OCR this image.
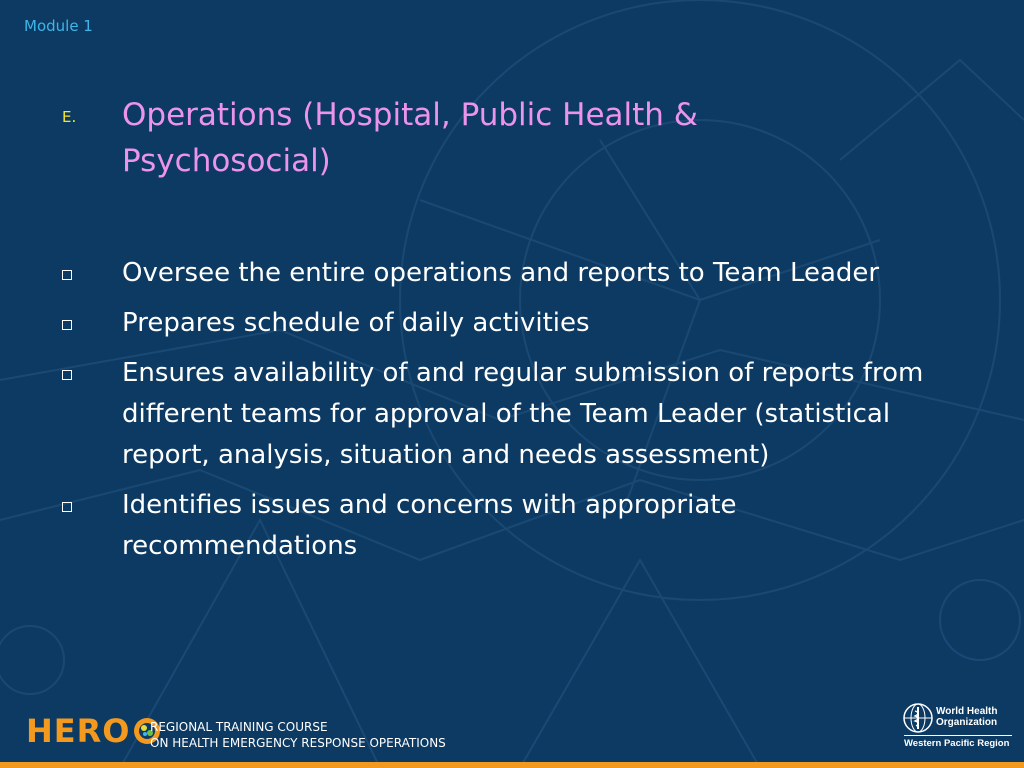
Module 1
E. Operations (Hospital, Public Health & Psychosocial)
Oversee the entire operations and reports to Team Leader
Prepares schedule of daily activities
Ensures availability of and regular submission of reports from different teams for approval of the Team Leader (statistical report, analysis, situation and needs assessment)
Identifies issues and concerns with appropriate recommendations
HERO REGIONAL TRAINING COURSE
ON HEALTH EMERGENCY RESPONSE OPERATIONS
World Health
Organization
Western Pacific Region
